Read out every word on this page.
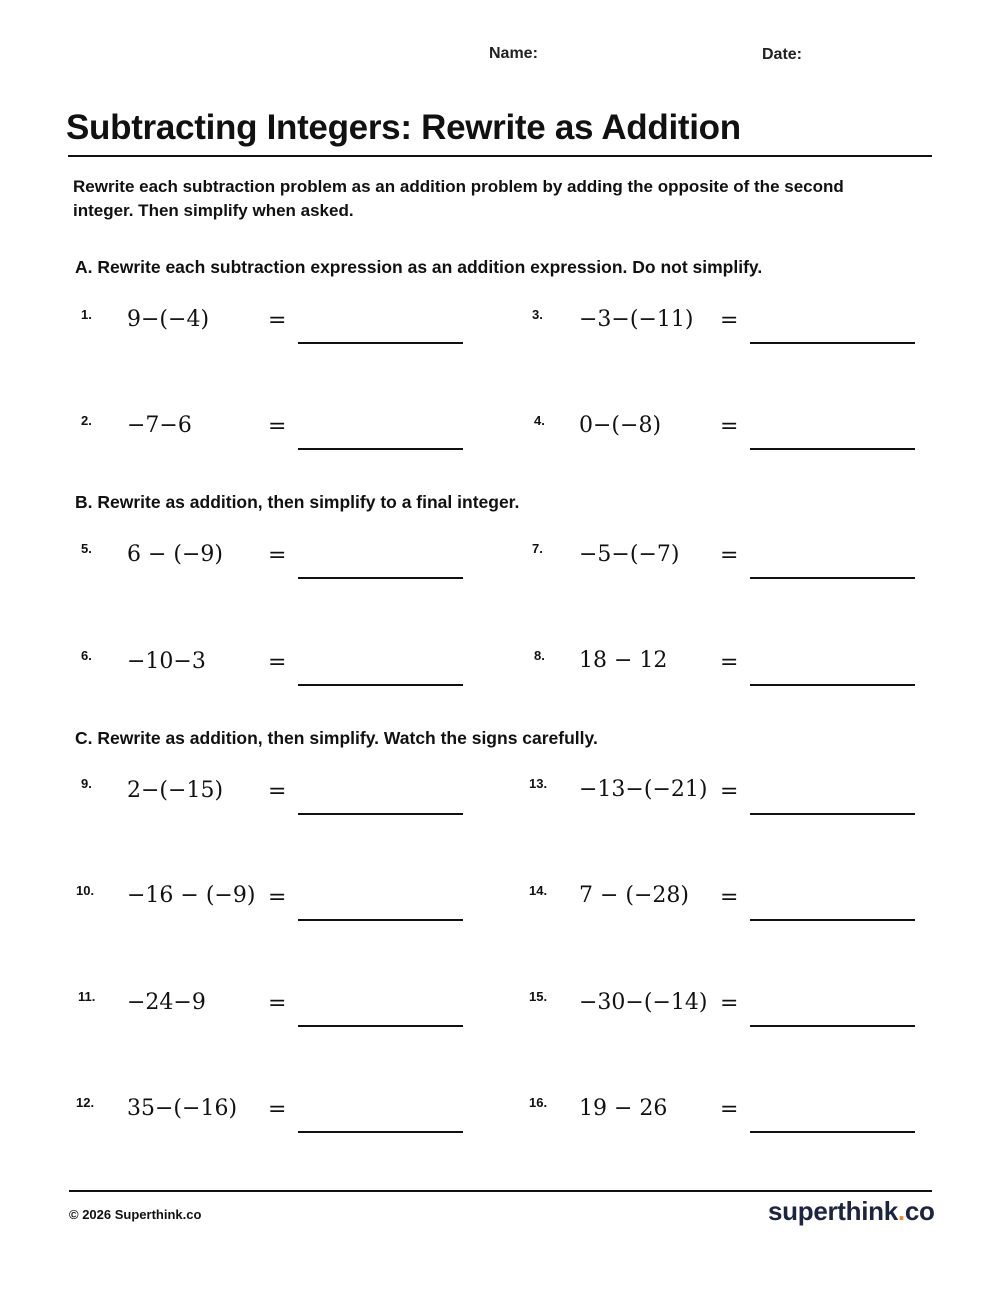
Name:	Date:
Subtracting Integers: Rewrite as Addition
Rewrite each subtraction problem as an addition problem by adding the opposite of the second integer. Then simplify when asked.
A. Rewrite each subtraction expression as an addition expression. Do not simplify.
1. 9−(−4)	=	3. −3−(−11) =
2. −7−6	=	4. 0−(−8)	=
B. Rewrite as addition, then simplify to a final integer.
5. 6 − (−9) =	7. −5−(−7) =
6. −10−3	=	8. 18 − 12 =
C. Rewrite as addition, then simplify. Watch the signs carefully.
9. 2−(−15) =	13. −13−(−21) =
10. −16 − (−9) =	14. 7 − (−28) =
11. −24−9	=	15. −30−(−14) =
12. 35−(−16) =	16. 19 − 26 =
© 2026 Superthink.co	superthink.co
